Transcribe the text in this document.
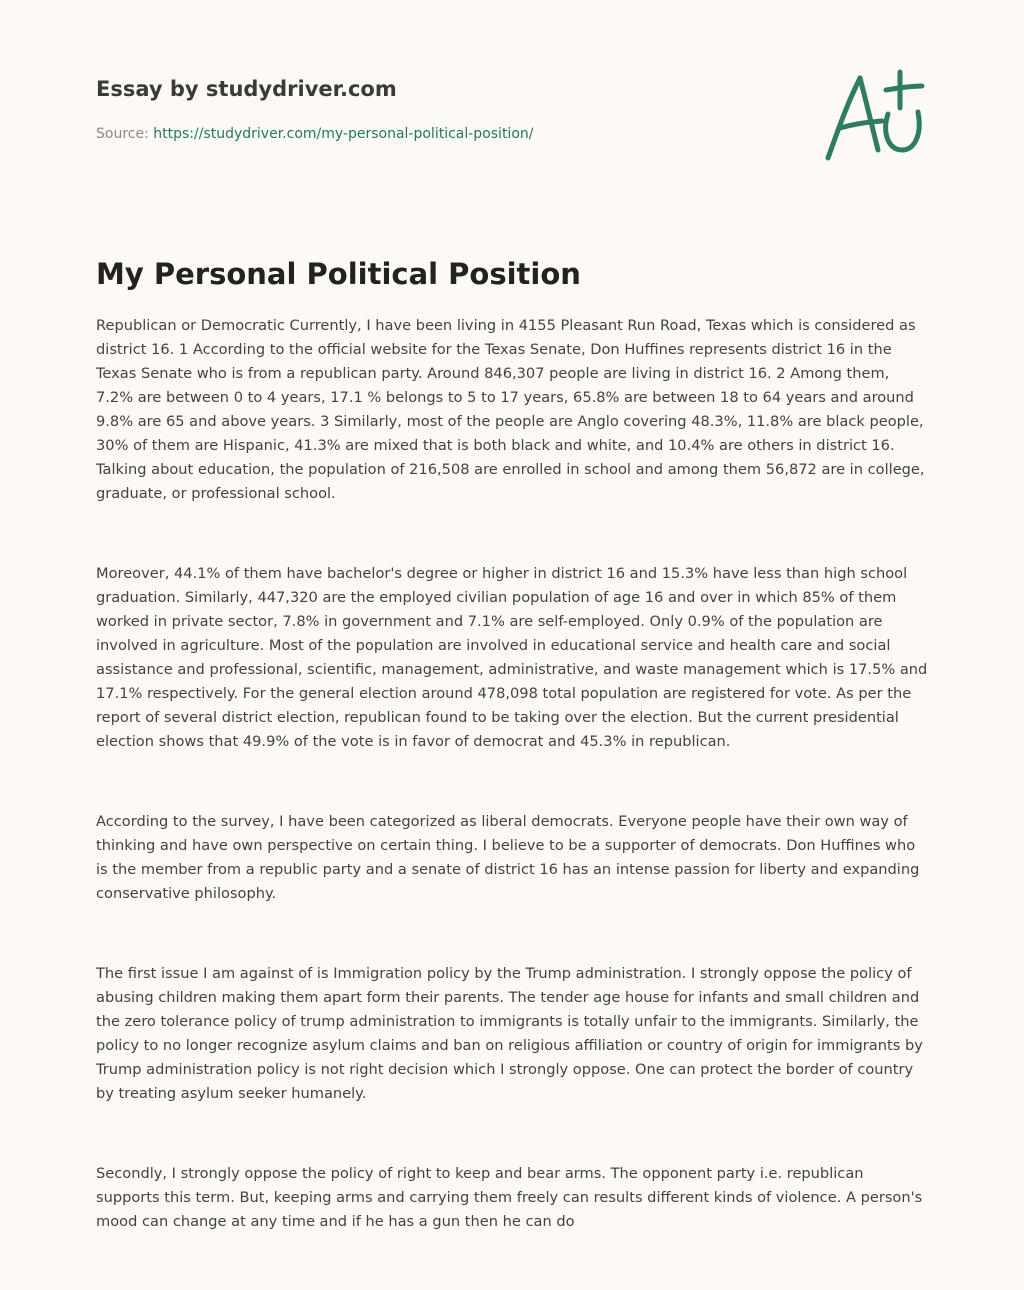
Essay by studydriver.com
Source: https://studydriver.com/my-personal-political-position/
My Personal Political Position

Republican or Democratic Currently, I have been living in 4155 Pleasant Run Road, Texas which is considered as district 16. 1 According to the official website for the Texas Senate, Don Huffines represents district 16 in the Texas Senate who is from a republican party. Around 846,307 people are living in district 16. 2 Among them, 7.2% are between 0 to 4 years, 17.1 % belongs to 5 to 17 years, 65.8% are between 18 to 64 years and around 9.8% are 65 and above years. 3 Similarly, most of the people are Anglo covering 48.3%, 11.8% are black people, 30% of them are Hispanic, 41.3% are mixed that is both black and white, and 10.4% are others in district 16. Talking about education, the population of 216,508 are enrolled in school and among them 56,872 are in college, graduate, or professional school.

Moreover, 44.1% of them have bachelor's degree or higher in district 16 and 15.3% have less than high school graduation. Similarly, 447,320 are the employed civilian population of age 16 and over in which 85% of them worked in private sector, 7.8% in government and 7.1% are self-employed. Only 0.9% of the population are involved in agriculture. Most of the population are involved in educational service and health care and social assistance and professional, scientific, management, administrative, and waste management which is 17.5% and 17.1% respectively. For the general election around 478,098 total population are registered for vote. As per the report of several district election, republican found to be taking over the election. But the current presidential election shows that 49.9% of the vote is in favor of democrat and 45.3% in republican.

According to the survey, I have been categorized as liberal democrats. Everyone people have their own way of thinking and have own perspective on certain thing. I believe to be a supporter of democrats. Don Huffines who is the member from a republic party and a senate of district 16 has an intense passion for liberty and expanding conservative philosophy.

The first issue I am against of is Immigration policy by the Trump administration. I strongly oppose the policy of abusing children making them apart form their parents. The tender age house for infants and small children and the zero tolerance policy of trump administration to immigrants is totally unfair to the immigrants. Similarly, the policy to no longer recognize asylum claims and ban on religious affiliation or country of origin for immigrants by Trump administration policy is not right decision which I strongly oppose. One can protect the border of country by treating asylum seeker humanely.

Secondly, I strongly oppose the policy of right to keep and bear arms. The opponent party i.e. republican supports this term. But, keeping arms and carrying them freely can results different kinds of violence. A person's mood can change at any time and if he has a gun then he can do
